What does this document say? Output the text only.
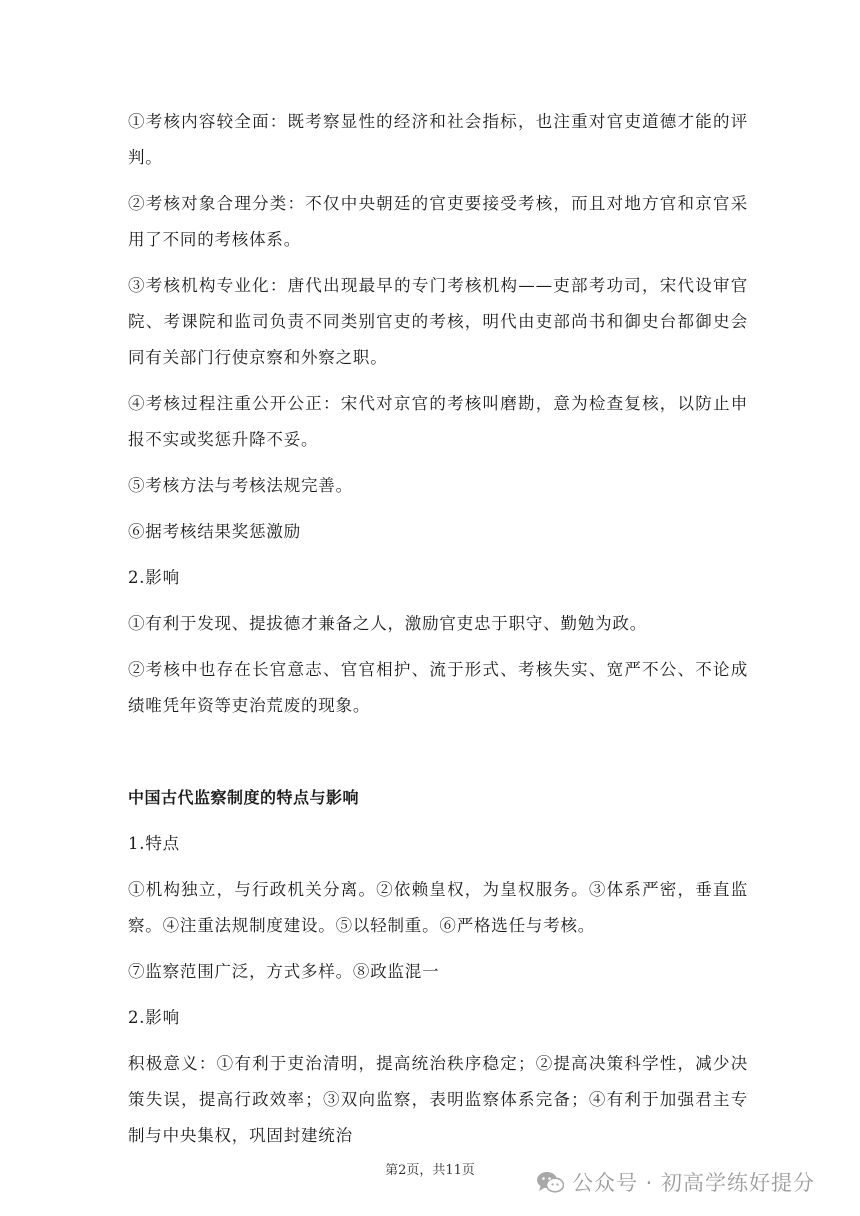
①考核内容较全面：既考察显性的经济和社会指标，也注重对官吏道德才能的评判。

②考核对象合理分类：不仅中央朝廷的官吏要接受考核，而且对地方官和京官采用了不同的考核体系。

③考核机构专业化：唐代出现最早的专门考核机构——吏部考功司，宋代设审官院、考课院和监司负责不同类别官吏的考核，明代由吏部尚书和御史台都御史会同有关部门行使京察和外察之职。

④考核过程注重公开公正：宋代对京官的考核叫磨勘，意为检查复核，以防止申报不实或奖惩升降不妥。

⑤考核方法与考核法规完善。

⑥据考核结果奖惩激励

2.影响

①有利于发现、提拔德才兼备之人，激励官吏忠于职守、勤勉为政。

②考核中也存在长官意志、官官相护、流于形式、考核失实、宽严不公、不论成绩唯凭年资等吏治荒废的现象。

中国古代监察制度的特点与影响

1.特点

①机构独立，与行政机关分离。②依赖皇权，为皇权服务。③体系严密，垂直监察。④注重法规制度建设。⑤以轻制重。⑥严格选任与考核。

⑦监察范围广泛，方式多样。⑧政监混一

2.影响

积极意义：①有利于吏治清明，提高统治秩序稳定；②提高决策科学性，减少决策失误，提高行政效率；③双向监察，表明监察体系完备；④有利于加强君主专制与中央集权，巩固封建统治

第2页，共11页
公众号 · 初高学练好提分
